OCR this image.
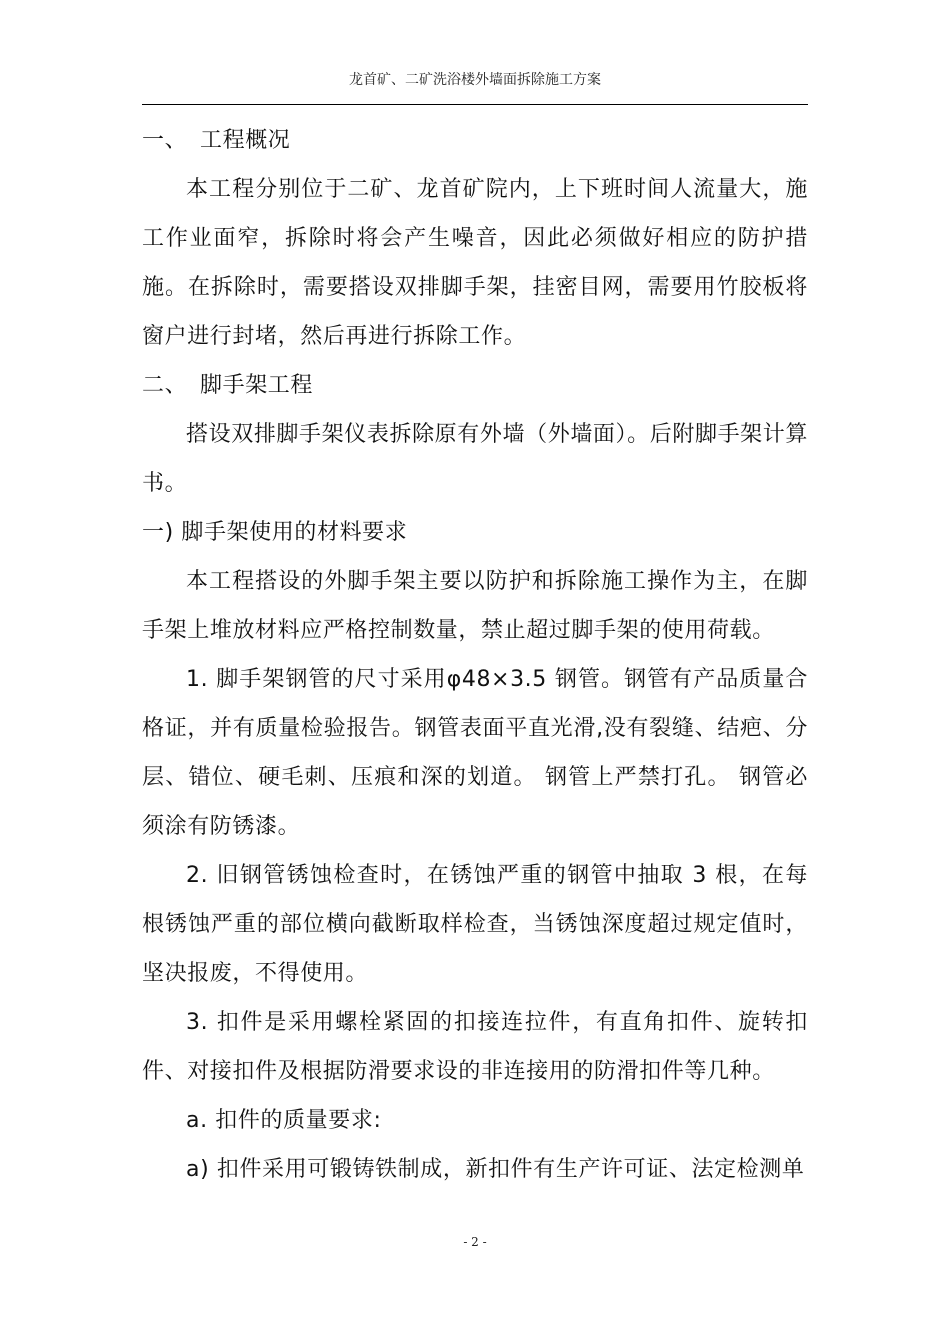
龙首矿、二矿洗浴楼外墙面拆除施工方案

一、 工程概况

本工程分别位于二矿、龙首矿院内，上下班时间人流量大，施工作业面窄，拆除时将会产生噪音，因此必须做好相应的防护措施。在拆除时，需要搭设双排脚手架，挂密目网，需要用竹胶板将窗户进行封堵，然后再进行拆除工作。

二、 脚手架工程

搭设双排脚手架仪表拆除原有外墙（外墙面）。后附脚手架计算书。

一) 脚手架使用的材料要求

本工程搭设的外脚手架主要以防护和拆除施工操作为主，在脚手架上堆放材料应严格控制数量，禁止超过脚手架的使用荷载。

1. 脚手架钢管的尺寸采用φ48×3.5 钢管。钢管有产品质量合格证，并有质量检验报告。钢管表面平直光滑,没有裂缝、结疤、分层、错位、硬毛刺、压痕和深的划道。 钢管上严禁打孔。 钢管必须涂有防锈漆。

2. 旧钢管锈蚀检查时，在锈蚀严重的钢管中抽取 3 根，在每根锈蚀严重的部位横向截断取样检查，当锈蚀深度超过规定值时，坚决报废，不得使用。

3. 扣件是采用螺栓紧固的扣接连拉件，有直角扣件、旋转扣件、对接扣件及根据防滑要求设的非连接用的防滑扣件等几种。

a. 扣件的质量要求:

a) 扣件采用可锻铸铁制成，新扣件有生产许可证、法定检测单

- 2 -
